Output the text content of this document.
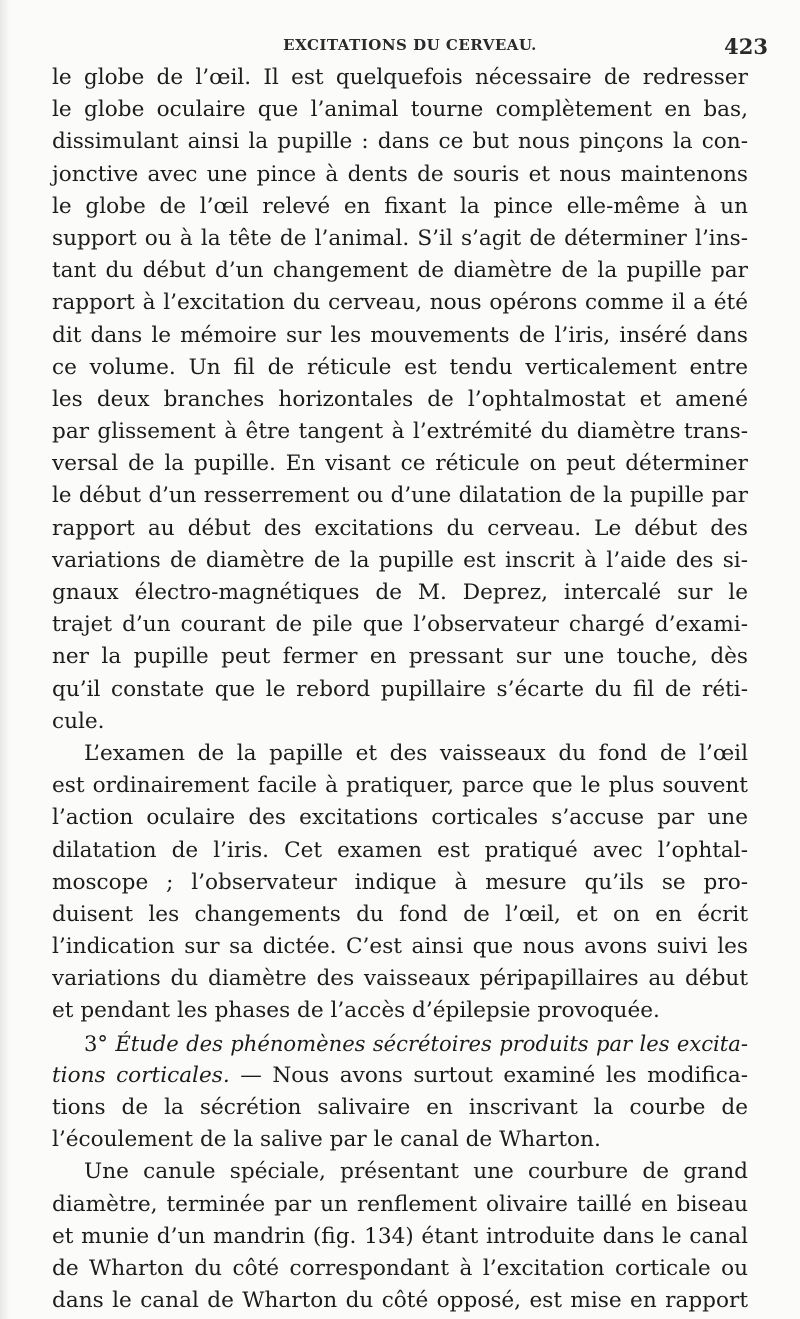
EXCITATIONS DU CERVEAU.	423
le globe de l’œil. Il est quelquefois nécessaire de redresser
le globe oculaire que l’animal tourne complètement en bas,
dissimulant ainsi la pupille : dans ce but nous pinçons la con-
jonctive avec une pince à dents de souris et nous maintenons
le globe de l’œil relevé en fixant la pince elle-même à un
support ou à la tête de l’animal. S’il s’agit de déterminer l’ins-
tant du début d’un changement de diamètre de la pupille par
rapport à l’excitation du cerveau, nous opérons comme il a été
dit dans le mémoire sur les mouvements de l’iris, inséré dans
ce volume. Un fil de réticule est tendu verticalement entre
les deux branches horizontales de l’ophtalmostat et amené
par glissement à être tangent à l’extrémité du diamètre trans-
versal de la pupille. En visant ce réticule on peut déterminer
le début d’un resserrement ou d’une dilatation de la pupille par
rapport au début des excitations du cerveau. Le début des
variations de diamètre de la pupille est inscrit à l’aide des si-
gnaux électro-magnétiques de M. Deprez, intercalé sur le
trajet d’un courant de pile que l’observateur chargé d’exami-
ner la pupille peut fermer en pressant sur une touche, dès
qu’il constate que le rebord pupillaire s’écarte du fil de réti-
cule.
L’examen de la papille et des vaisseaux du fond de l’œil
est ordinairement facile à pratiquer, parce que le plus souvent
l’action oculaire des excitations corticales s’accuse par une
dilatation de l’iris. Cet examen est pratiqué avec l’ophtal-
moscope ; l’observateur indique à mesure qu’ils se pro-
duisent les changements du fond de l’œil, et on en écrit
l’indication sur sa dictée. C’est ainsi que nous avons suivi les
variations du diamètre des vaisseaux péripapillaires au début
et pendant les phases de l’accès d’épilepsie provoquée.
3° Étude des phénomènes sécrétoires produits par les excita-
tions corticales. — Nous avons surtout examiné les modifica-
tions de la sécrétion salivaire en inscrivant la courbe de
l’écoulement de la salive par le canal de Wharton.
Une canule spéciale, présentant une courbure de grand
diamètre, terminée par un renflement olivaire taillé en biseau
et munie d’un mandrin (fig. 134) étant introduite dans le canal
de Wharton du côté correspondant à l’excitation corticale ou
dans le canal de Wharton du côté opposé, est mise en rapport
